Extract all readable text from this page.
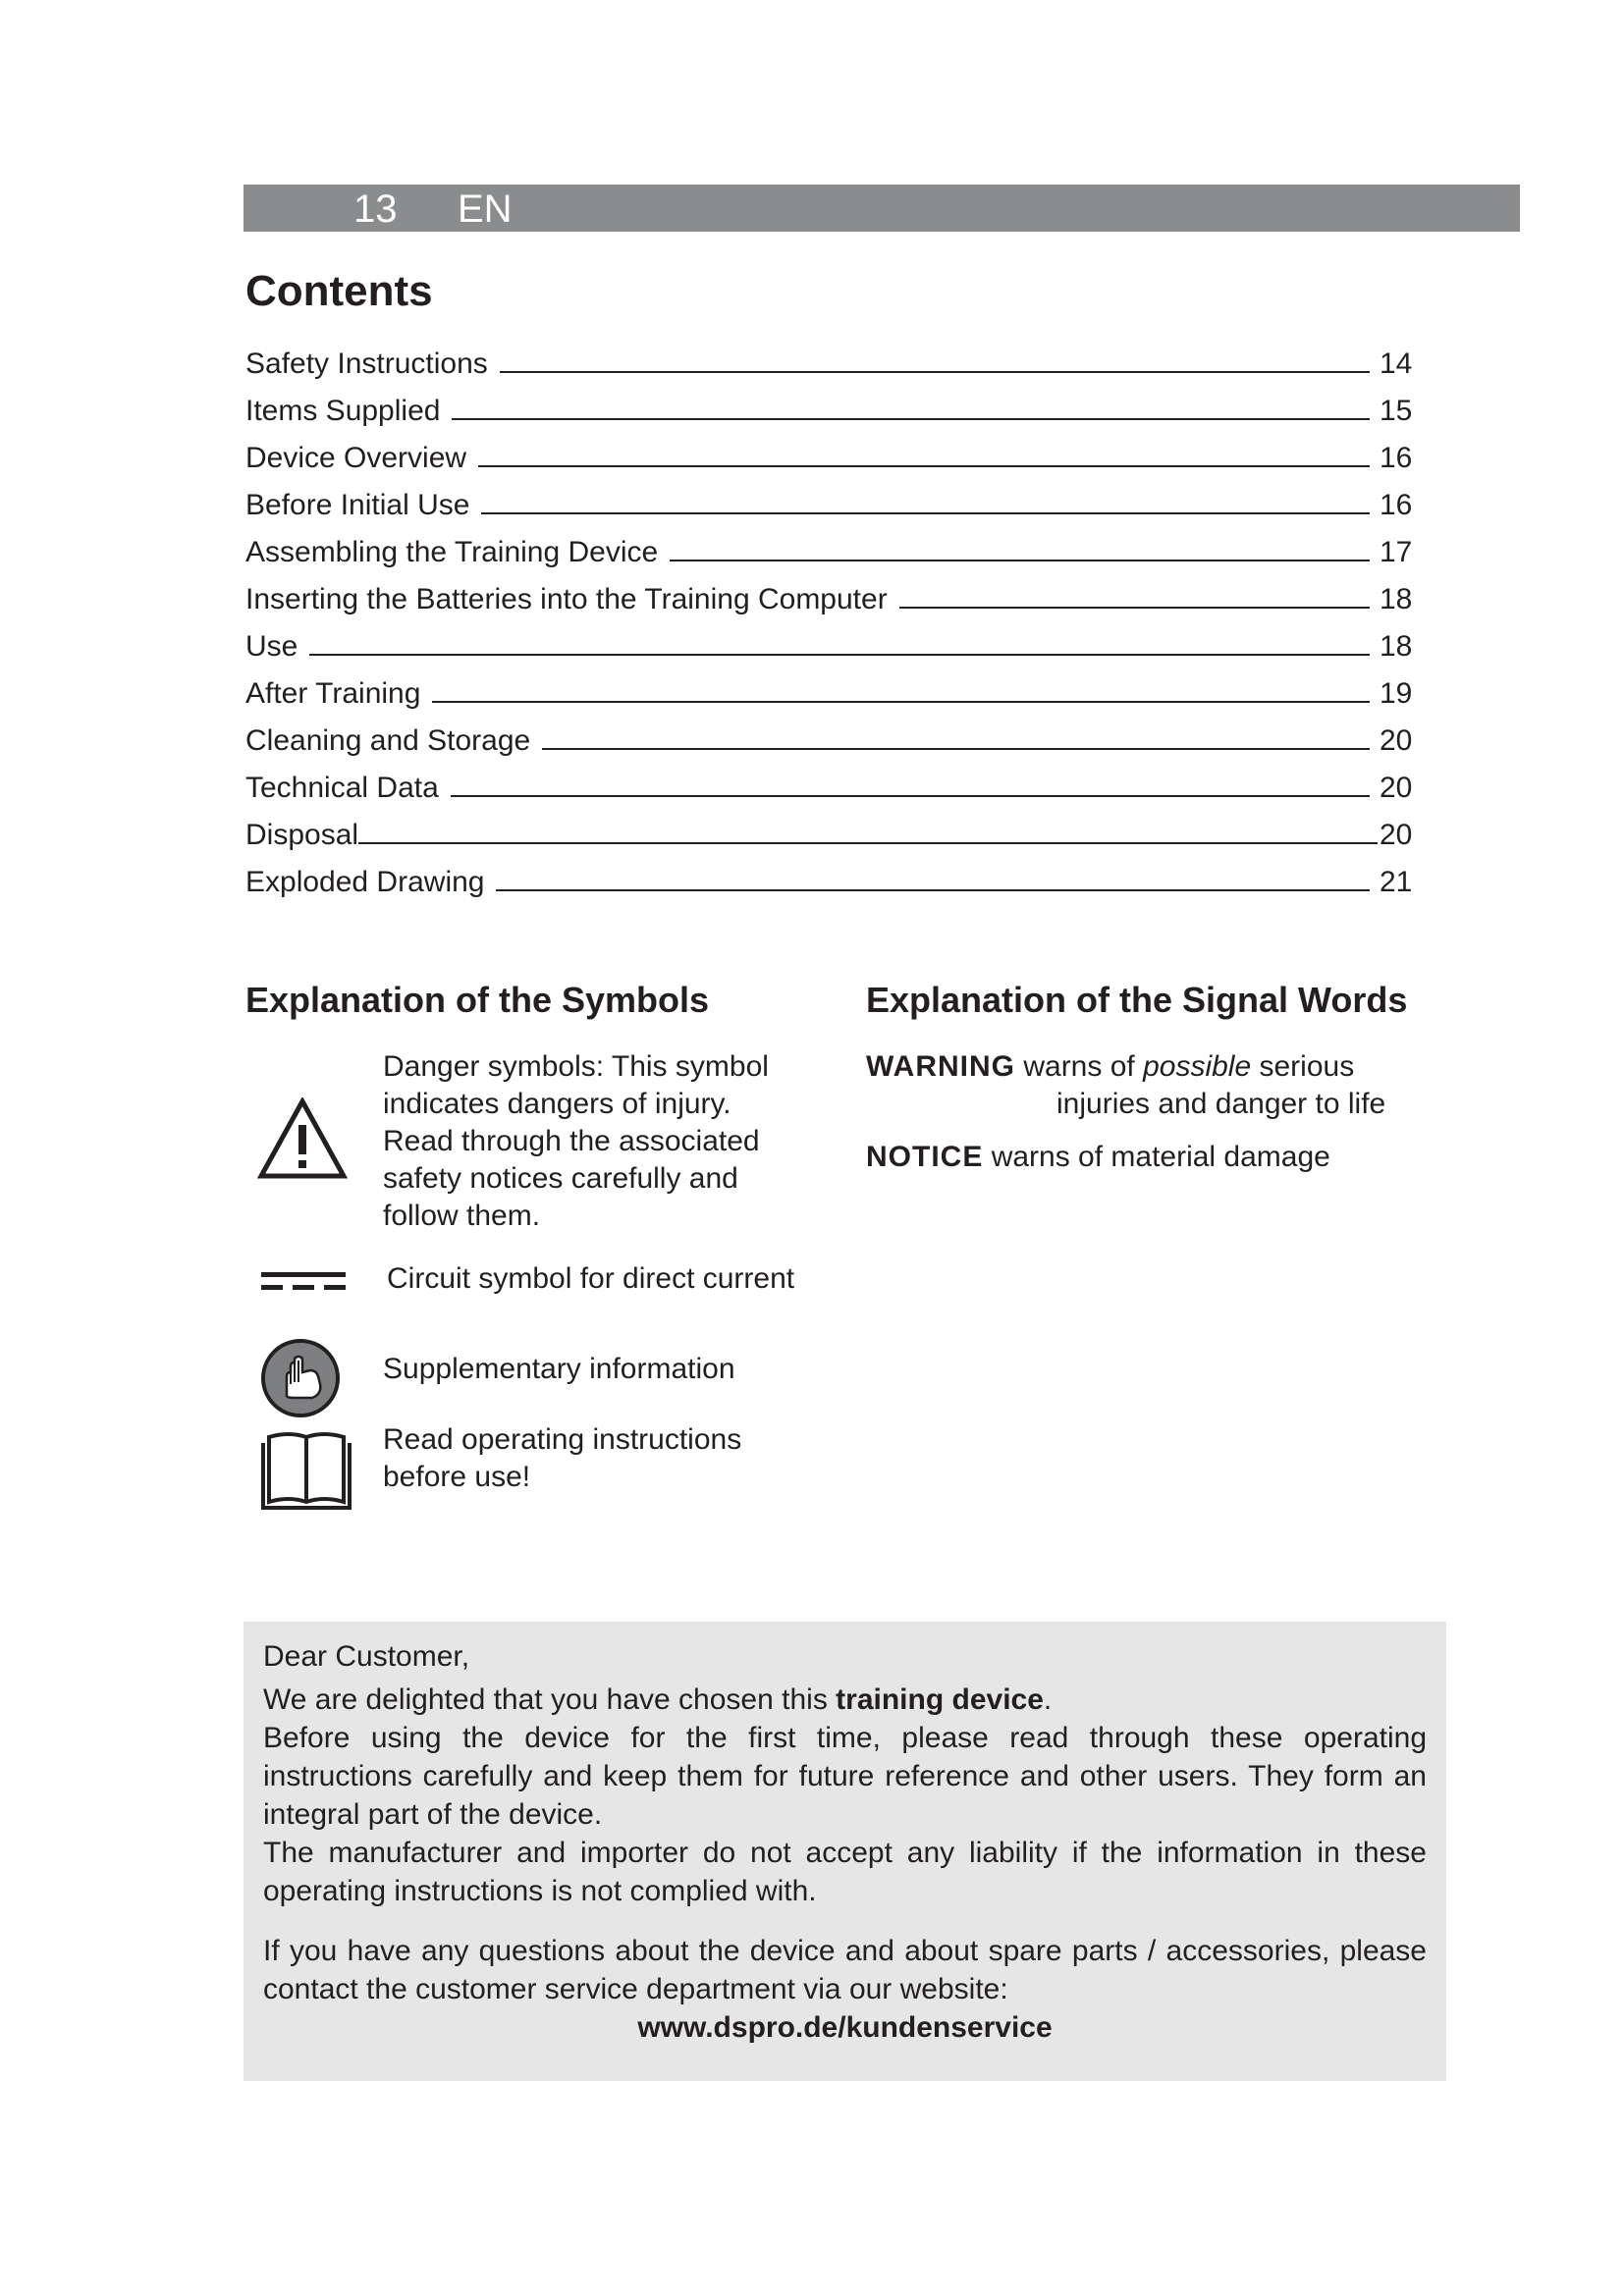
13 EN
Contents
Safety Instructions	14
Items Supplied	15
Device Overview	16
Before Initial Use	16
Assembling the Training Device	17
Inserting the Batteries into the Training Computer	18
Use	18
After Training	19
Cleaning and Storage	20
Technical Data	20
Disposal	20
Exploded Drawing	21
Explanation of the Symbols
Danger symbols: This symbol
indicates dangers of injury.
Read through the associated
safety notices carefully and
follow them.
Circuit symbol for direct current
Supplementary information
Read operating instructions
before use!
Explanation of the Signal Words
WARNING warns of possible serious
injuries and danger to life
NOTICE warns of material damage

Dear Customer,

We are delighted that you have chosen this training device.

Before using the device for the first time, please read through these operating instructions carefully and keep them for future reference and other users. They form an integral part of the device.

The manufacturer and importer do not accept any liability if the information in these operating instructions is not complied with.

If you have any questions about the device and about spare parts / accessories, please contact the customer service department via our website:

www.dspro.de/kundenservice
